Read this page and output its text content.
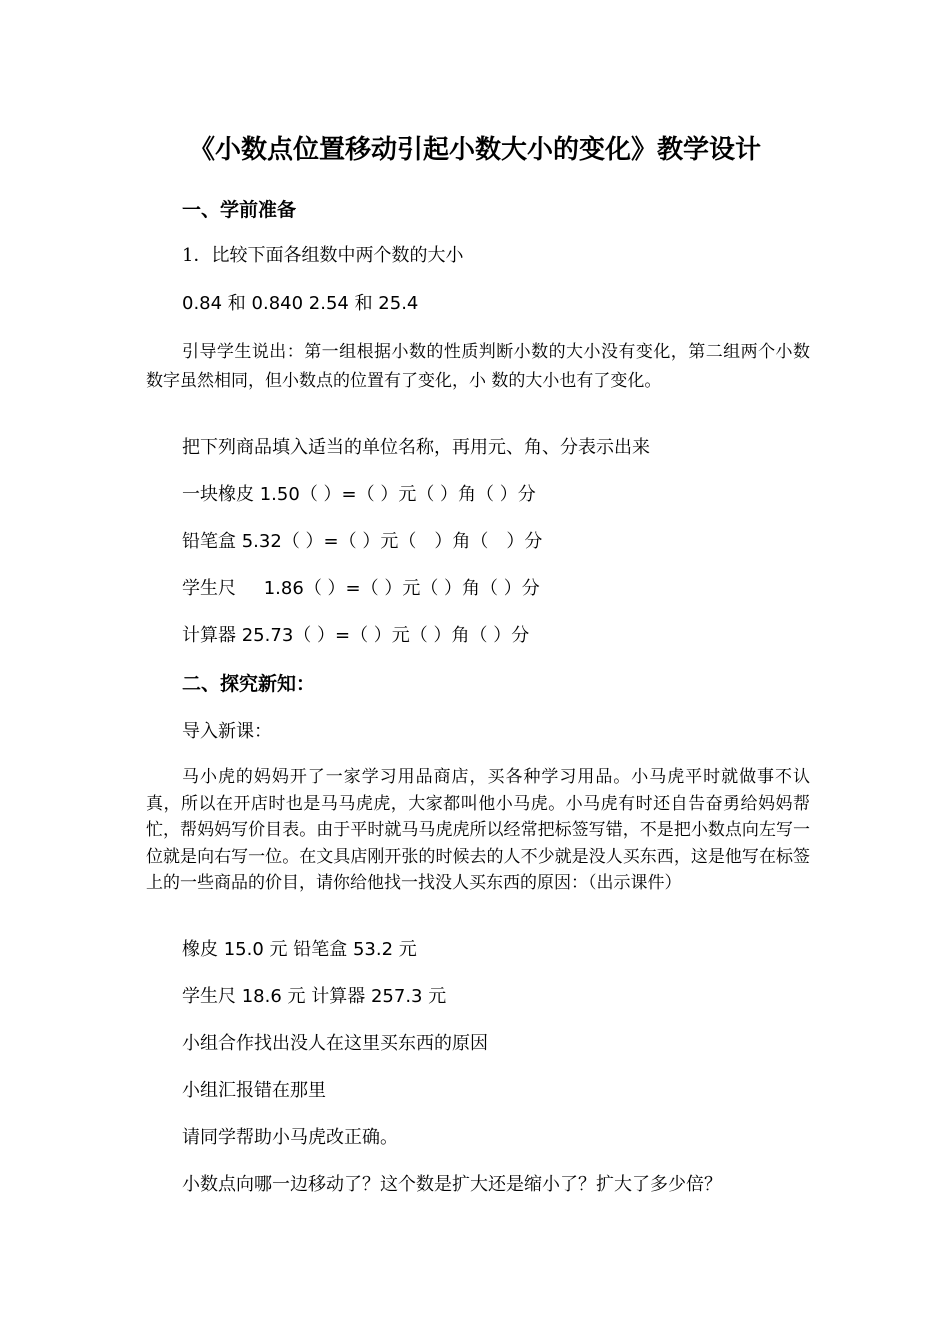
《小数点位置移动引起小数大小的变化》教学设计
一、学前准备
1．比较下面各组数中两个数的大小
0.84 和 0.840 2.54 和 25.4
引导学生说出：第一组根据小数的性质判断小数的大小没有变化，第二组两个小数数字虽然相同，但小数点的位置有了变化，小 数的大小也有了变化。
把下列商品填入适当的单位名称，再用元、角、分表示出来
一块橡皮 1.50（ ）=（ ）元（ ）角（ ）分
铅笔盒 5.32（ ）=（ ）元（　）角（　）分
学生尺 1.86（ ）=（ ）元（ ）角（ ）分
计算器 25.73（ ）=（ ）元（ ）角（ ）分
二、探究新知：
导入新课：
马小虎的妈妈开了一家学习用品商店，买各种学习用品。小马虎平时就做事不认真，所以在开店时也是马马虎虎，大家都叫他小马虎。小马虎有时还自告奋勇给妈妈帮忙，帮妈妈写价目表。由于平时就马马虎虎所以经常把标签写错，不是把小数点向左写一位就是向右写一位。在文具店刚开张的时候去的人不少就是没人买东西，这是他写在标签上的一些商品的价目，请你给他找一找没人买东西的原因：（出示课件）
橡皮 15.0 元 铅笔盒 53.2 元
学生尺 18.6 元 计算器 257.3 元
小组合作找出没人在这里买东西的原因
小组汇报错在那里
请同学帮助小马虎改正确。
小数点向哪一边移动了？这个数是扩大还是缩小了？扩大了多少倍？
